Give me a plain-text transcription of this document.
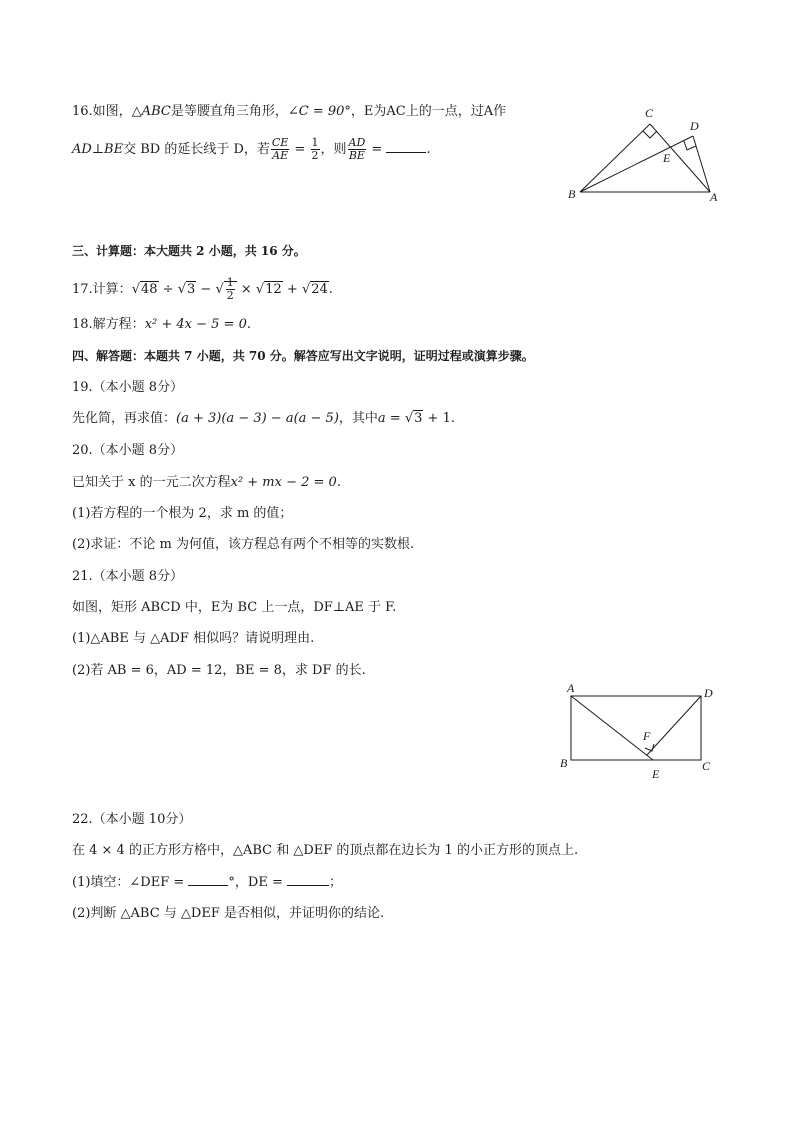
16.如图，△ABC是等腰直角三角形，∠C = 90°，E为AC上的一点，过A作
AD⊥BE交 BD 的延长线于 D，若 $\frac{CE}{AE} = \frac{1}{2}$ ，则 $\frac{AD}{BE}$ =	.
C
D
E
B	A
三、计算题：本大题共 2 小题，共 16 分。
17.计算：√48 ÷ √3 − √ $\frac{1}{2} \times √12 + √24$.
18.解方程：x² + 4x − 5 = 0.
四、解答题：本题共 7 小题，共 70 分。解答应写出文字说明，证明过程或演算步骤。
19.（本小题 8分）
先化简，再求值：(a + 3)(a − 3) − a(a − 5)，其中a = √3 + 1.
20.（本小题 8分）
已知关于 x 的一元二次方程x² + mx − 2 = 0.
(1)若方程的一个根为 2，求 m 的值；
(2)求证：不论 m 为何值，该方程总有两个不相等的实数根.
21.（本小题 8分）
如图，矩形 ABCD 中，E为 BC 上一点，DF⊥AE 于 F.
(1)△ABE 与 △ADF 相似吗？请说明理由.
(2)若 AB = 6，AD = 12，BE = 8，求 DF 的长.
A	D
F
B
E
C
22.（本小题 10分）
在 4 × 4 的正方形方格中，△ABC 和 △DEF 的顶点都在边长为 1 的小正方形的顶点上.
(1)填空：∠DEF =	°，DE =	；
(2)判断 △ABC 与 △DEF 是否相似，并证明你的结论.
